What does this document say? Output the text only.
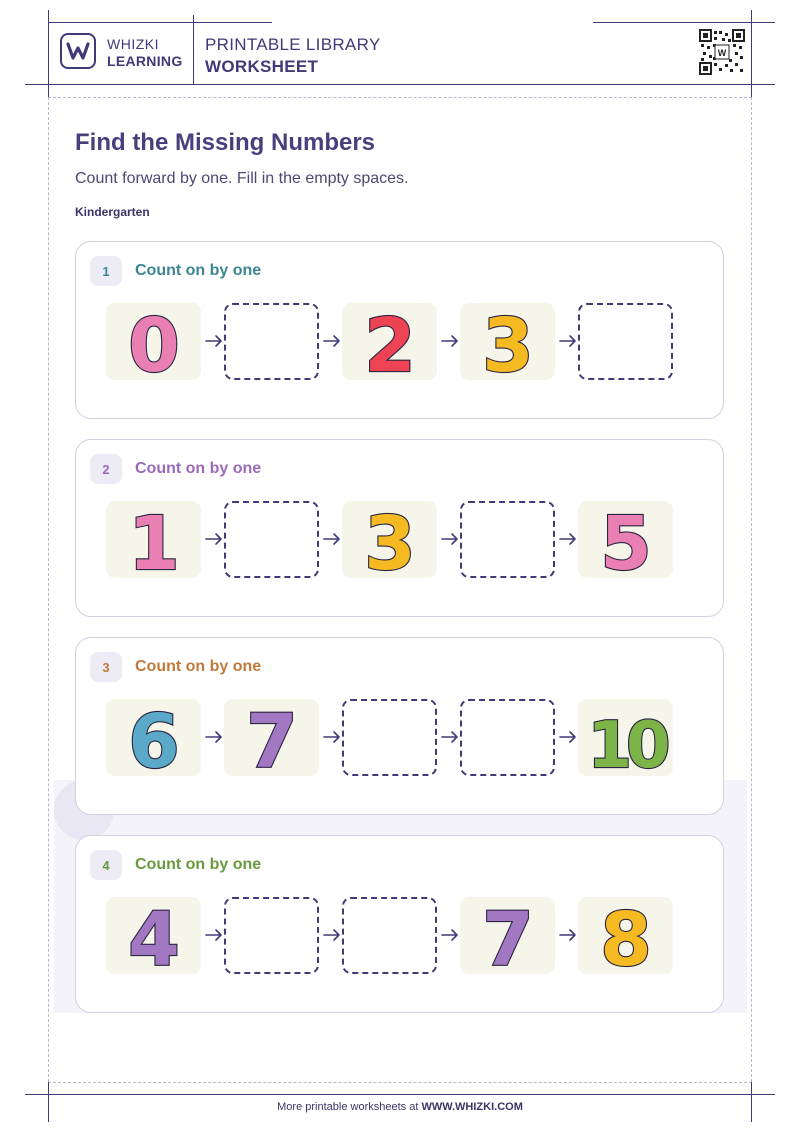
WHIZKI
LEARNING
PRINTABLE LIBRARY
WORKSHEET
W
Find the Missing Numbers
Count forward by one. Fill in the empty spaces.
Kindergarten
1	Count on by one
0 2 3
2	Count on by one
1 3 5
3	Count on by one
6 7	10
4	Count on by one
4	7 8
More printable worksheets at WWW.WHIZKI.COM
